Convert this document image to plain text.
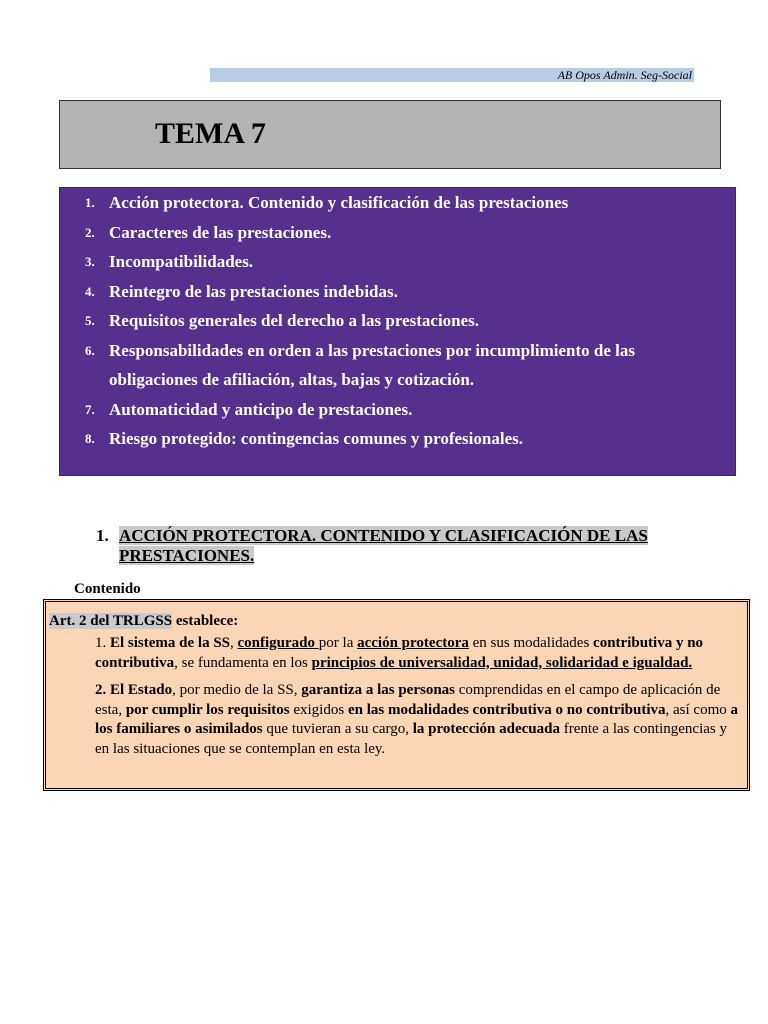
AB Opos Admin. Seg-Social
TEMA 7
1. Acción protectora. Contenido y clasificación de las prestaciones
2. Caracteres de las prestaciones.
3. Incompatibilidades.
4. Reintegro de las prestaciones indebidas.
5. Requisitos generales del derecho a las prestaciones.
6. Responsabilidades en orden a las prestaciones por incumplimiento de las obligaciones de afiliación, altas, bajas y cotización.
7. Automaticidad y anticipo de prestaciones.
8. Riesgo protegido: contingencias comunes y profesionales.
1. ACCIÓN PROTECTORA. CONTENIDO Y CLASIFICACIÓN DE LAS PRESTACIONES.
Contenido
Art. 2 del TRLGSS establece:
1. El sistema de la SS, configurado por la acción protectora en sus modalidades contributiva y no contributiva, se fundamenta en los principios de universalidad, unidad, solidaridad e igualdad.
2. El Estado, por medio de la SS, garantiza a las personas comprendidas en el campo de aplicación de esta, por cumplir los requisitos exigidos en las modalidades contributiva o no contributiva, así como a los familiares o asimilados que tuvieran a su cargo, la protección adecuada frente a las contingencias y en las situaciones que se contemplan en esta ley.
